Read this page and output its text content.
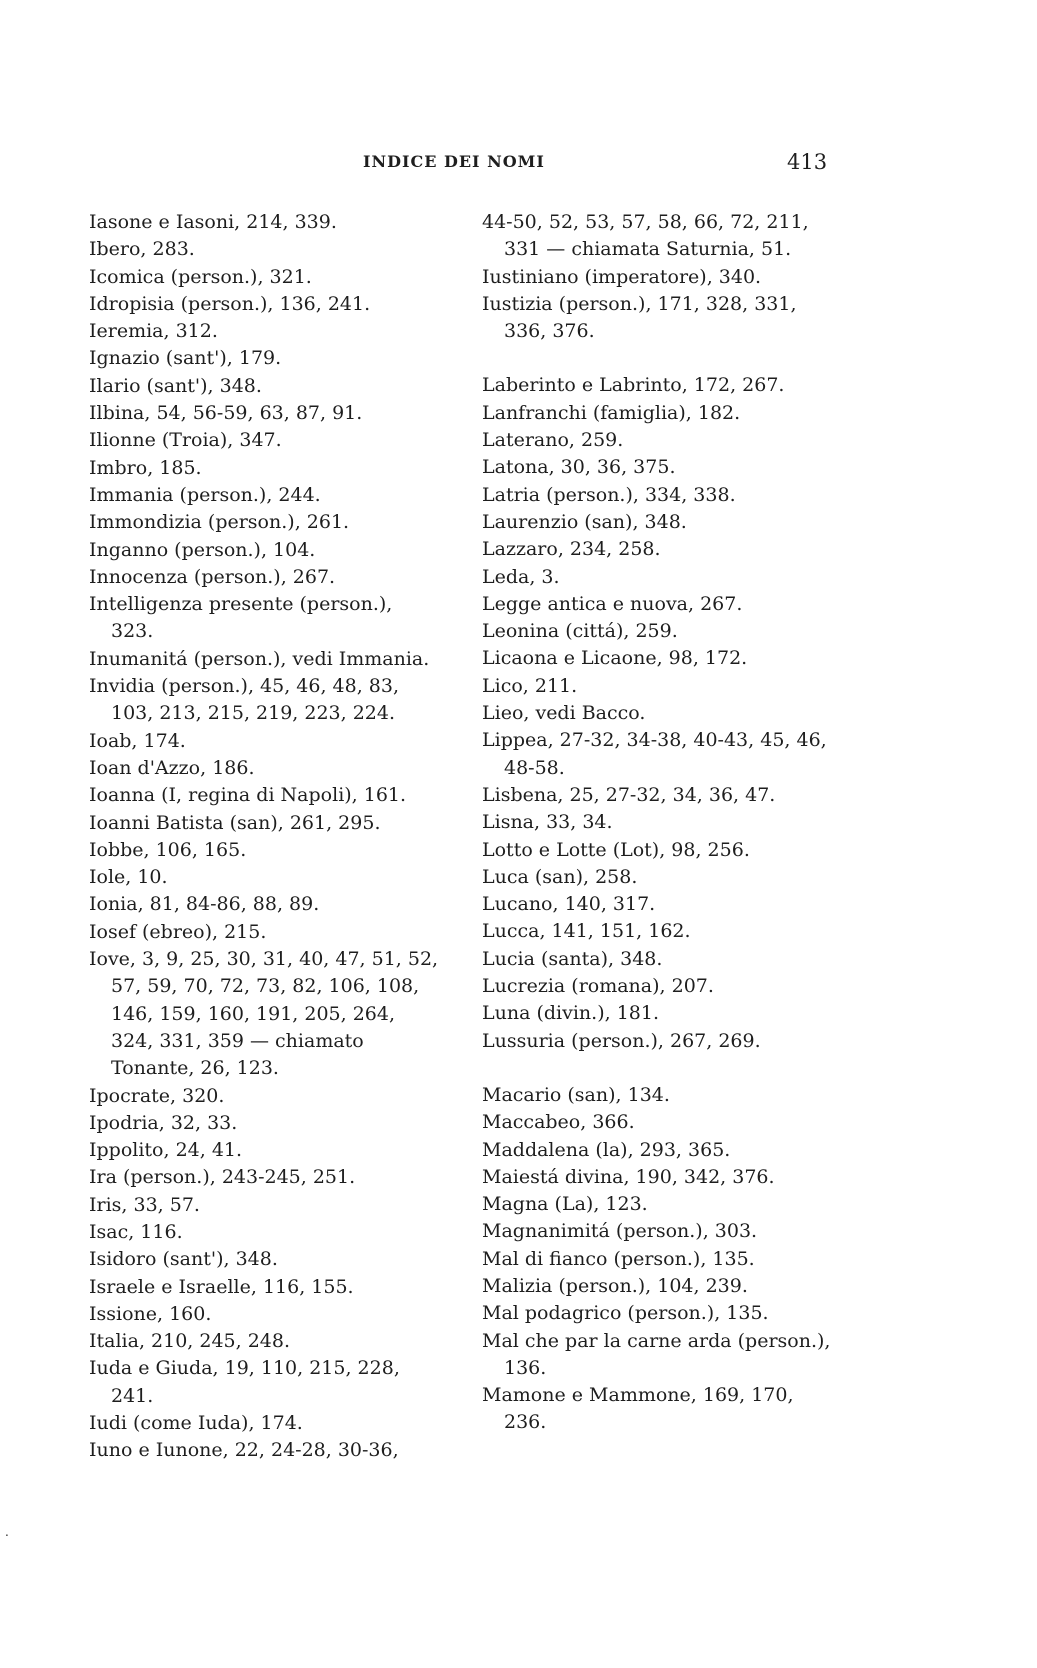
INDICE DEI NOMI	413
Iasone e Iasoni, 214, 339.
Ibero, 283.
Icomica (person.), 321.
Idropisia (person.), 136, 241.
Ieremia, 312.
Ignazio (sant'), 179.
Ilario (sant'), 348.
Ilbina, 54, 56-59, 63, 87, 91.
Ilionne (Troia), 347.
Imbro, 185.
Immania (person.), 244.
Immondizia (person.), 261.
Inganno (person.), 104.
Innocenza (person.), 267.
Intelligenza presente (person.), 323.
Inumanitá (person.), vedi Immania.
Invidia (person.), 45, 46, 48, 83, 103, 213, 215, 219, 223, 224.
Ioab, 174.
Ioan d'Azzo, 186.
Ioanna (I, regina di Napoli), 161.
Ioanni Batista (san), 261, 295.
Iobbe, 106, 165.
Iole, 10.
Ionia, 81, 84-86, 88, 89.
Iosef (ebreo), 215.
Iove, 3, 9, 25, 30, 31, 40, 47, 51, 52, 57, 59, 70, 72, 73, 82, 106, 108, 146, 159, 160, 191, 205, 264, 324, 331, 359 — chiamato Tonante, 26, 123.
Ipocrate, 320.
Ipodria, 32, 33.
Ippolito, 24, 41.
Ira (person.), 243-245, 251.
Iris, 33, 57.
Isac, 116.
Isidoro (sant'), 348.
Israele e Israelle, 116, 155.
Issione, 160.
Italia, 210, 245, 248.
Iuda e Giuda, 19, 110, 215, 228, 241.
Iudi (come Iuda), 174.
Iuno e Iunone, 22, 24-28, 30-36,
44-50, 52, 53, 57, 58, 66, 72, 211, 331 — chiamata Saturnia, 51.
Iustiniano (imperatore), 340.
Iustizia (person.), 171, 328, 331, 336, 376.
Laberinto e Labrinto, 172, 267.
Lanfranchi (famiglia), 182.
Laterano, 259.
Latona, 30, 36, 375.
Latria (person.), 334, 338.
Laurenzio (san), 348.
Lazzaro, 234, 258.
Leda, 3.
Legge antica e nuova, 267.
Leonina (cittá), 259.
Licaona e Licaone, 98, 172.
Lico, 211.
Lieo, vedi Bacco.
Lippea, 27-32, 34-38, 40-43, 45, 46, 48-58.
Lisbena, 25, 27-32, 34, 36, 47.
Lisna, 33, 34.
Lotto e Lotte (Lot), 98, 256.
Luca (san), 258.
Lucano, 140, 317.
Lucca, 141, 151, 162.
Lucia (santa), 348.
Lucrezia (romana), 207.
Luna (divin.), 181.
Lussuria (person.), 267, 269.
Macario (san), 134.
Maccabeo, 366.
Maddalena (la), 293, 365.
Maiestá divina, 190, 342, 376.
Magna (La), 123.
Magnanimitá (person.), 303.
Mal di fianco (person.), 135.
Malizia (person.), 104, 239.
Mal podagrico (person.), 135.
Mal che par la carne arda (person.), 136.
Mamone e Mammone, 169, 170, 236.
.
